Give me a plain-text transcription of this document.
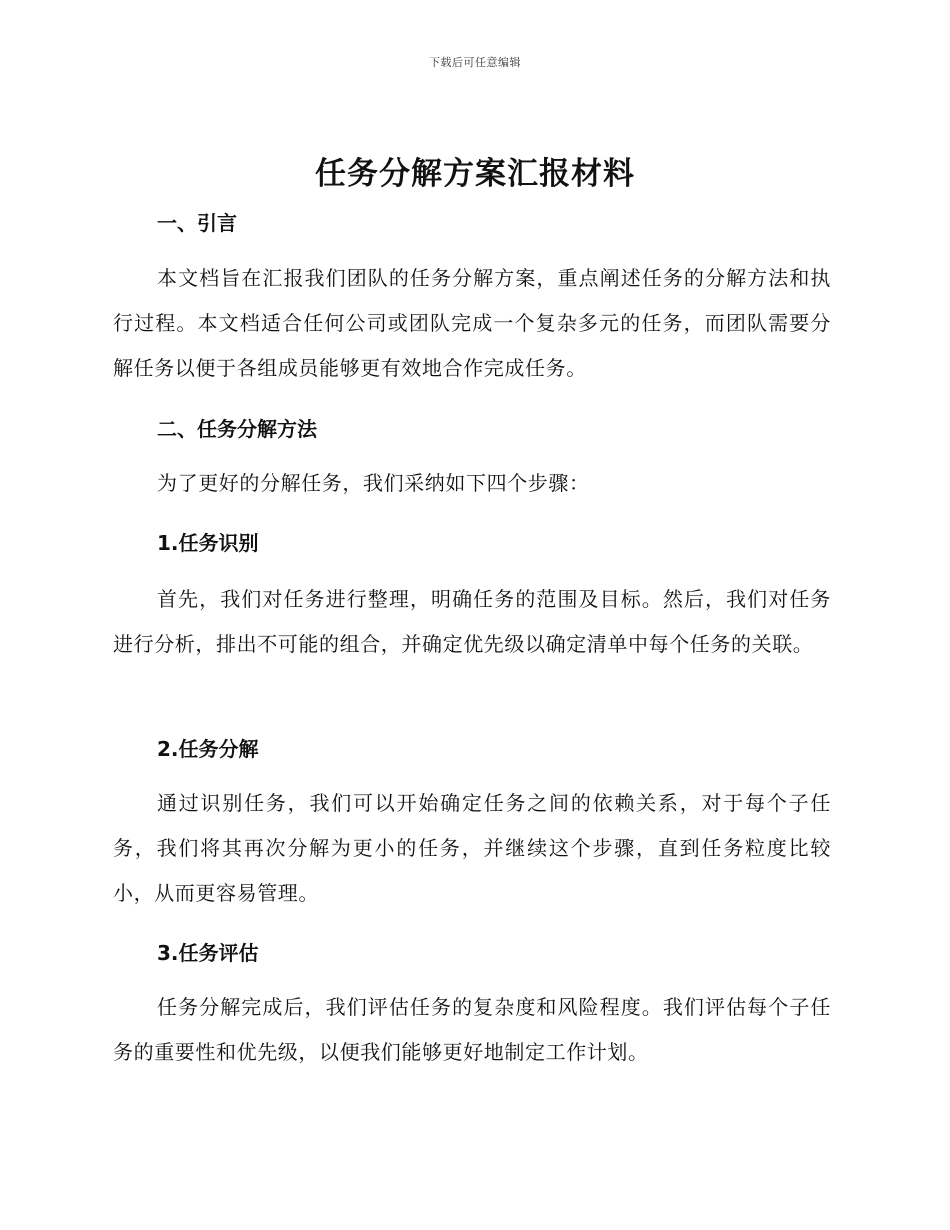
下载后可任意编辑
任务分解方案汇报材料
一、引言

本文档旨在汇报我们团队的任务分解方案，重点阐述任务的分解方法和执行过程。本文档适合任何公司或团队完成一个复杂多元的任务，而团队需要分解任务以便于各组成员能够更有效地合作完成任务。

二、任务分解方法

为了更好的分解任务，我们采纳如下四个步骤：

1.任务识别

首先，我们对任务进行整理，明确任务的范围及目标。然后，我们对任务进行分析，排出不可能的组合，并确定优先级以确定清单中每个任务的关联。

2.任务分解

通过识别任务，我们可以开始确定任务之间的依赖关系，对于每个子任务，我们将其再次分解为更小的任务，并继续这个步骤，直到任务粒度比较小，从而更容易管理。

3.任务评估

任务分解完成后，我们评估任务的复杂度和风险程度。我们评估每个子任务的重要性和优先级，以便我们能够更好地制定工作计划。
